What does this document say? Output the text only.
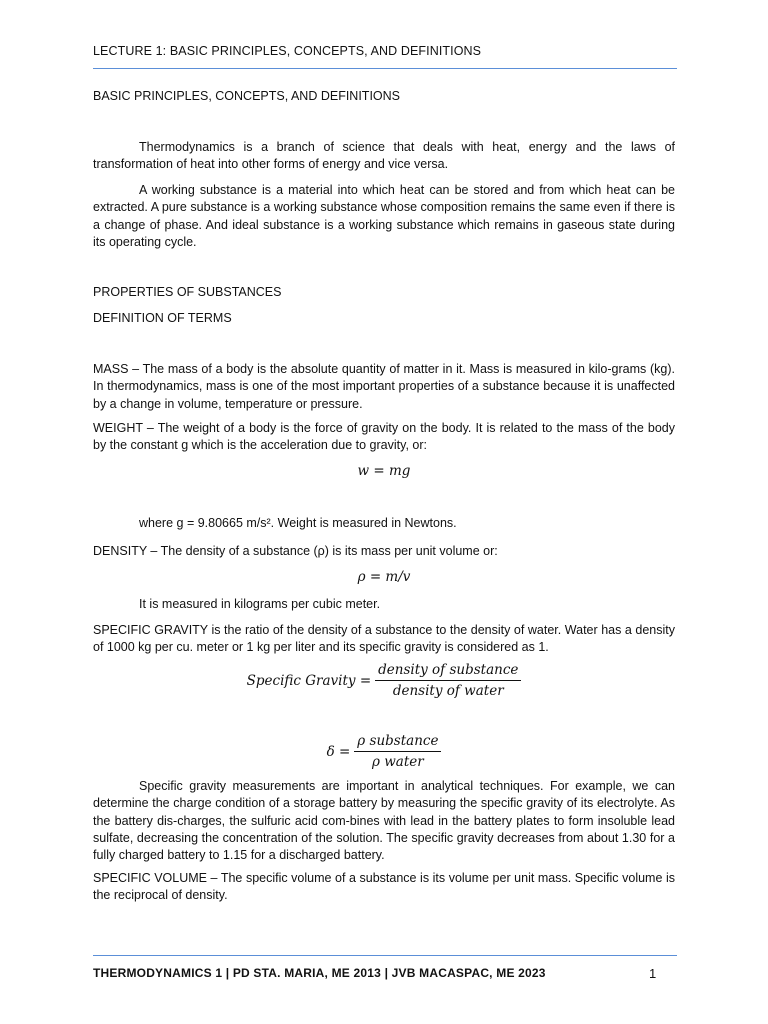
LECTURE 1: BASIC PRINCIPLES, CONCEPTS, AND DEFINITIONS
BASIC PRINCIPLES, CONCEPTS, AND DEFINITIONS

Thermodynamics is a branch of science that deals with heat, energy and the laws of transformation of heat into other forms of energy and vice versa.

A working substance is a material into which heat can be stored and from which heat can be extracted. A pure substance is a working substance whose composition remains the same even if there is a change of phase. And ideal substance is a working substance which remains in gaseous state during its operating cycle.

PROPERTIES OF SUBSTANCES
DEFINITION OF TERMS

MASS – The mass of a body is the absolute quantity of matter in it. Mass is measured in kilo-grams (kg). In thermodynamics, mass is one of the most important properties of a substance because it is unaffected by a change in volume, temperature or pressure.

WEIGHT – The weight of a body is the force of gravity on the body. It is related to the mass of the body by the constant g which is the acceleration due to gravity, or:

w = mg
where g = 9.80665 m/s². Weight is measured in Newtons.

DENSITY – The density of a substance (ρ) is its mass per unit volume or:

ρ = m/v
It is measured in kilograms per cubic meter.

SPECIFIC GRAVITY is the ratio of the density of a substance to the density of water. Water has a density of 1000 kg per cu. meter or 1 kg per liter and its specific gravity is considered as 1.

Specific Gravity = $\frac{\text{density of substance}}{\text{density of water}}$
$\delta = \frac{\text{ρ substance}}{\text{ρ water}}$

Specific gravity measurements are important in analytical techniques. For example, we can determine the charge condition of a storage battery by measuring the specific gravity of its electrolyte. As the battery dis-charges, the sulfuric acid com-bines with lead in the battery plates to form insoluble lead sulfate, decreasing the concentration of the solution. The specific gravity decreases from about 1.30 for a fully charged battery to 1.15 for a discharged battery.

SPECIFIC VOLUME – The specific volume of a substance is its volume per unit mass. Specific volume is the reciprocal of density.

THERMODYNAMICS 1 | PD STA. MARIA, ME 2013 | JVB MACASPAC, ME 2023	1
